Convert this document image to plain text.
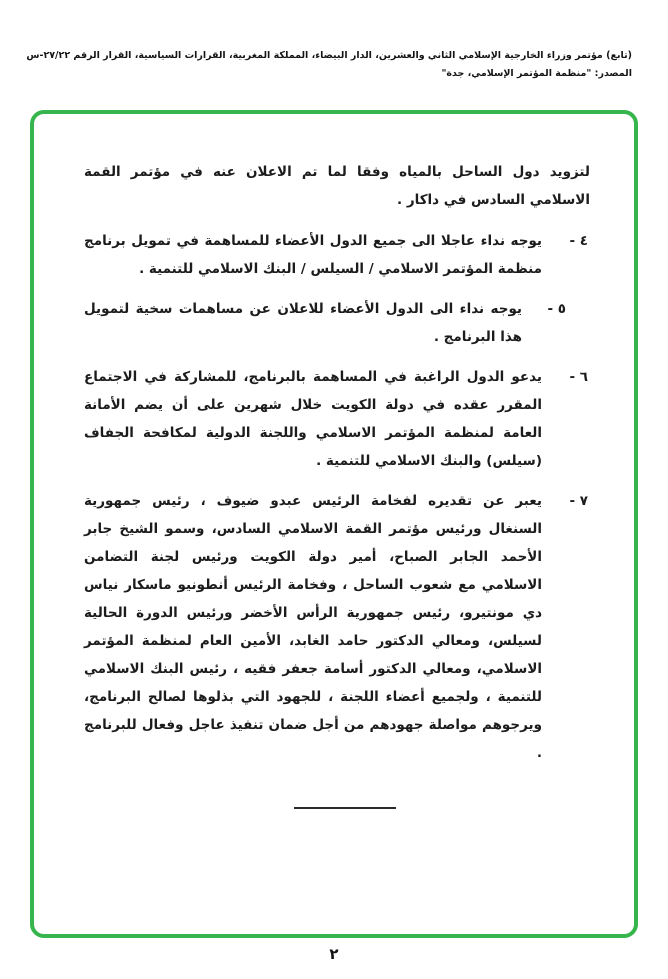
(تابع) مؤتمر وزراء الخارجية الإسلامي الثاني والعشرين، الدار البيضاء، المملكة المغربية، القرارات السياسية، القرار الرقم ٢٧/٢٢-س
المصدر: "منظمة المؤتمر الإسلامي، جدة"

لتزويد دول الساحل بالمياه وفقا لما تم الاعلان عنه في مؤتمر القمة الاسلامي السادس في داكار .

٤ -
يوجه نداء عاجلا الى جميع الدول الأعضاء للمساهمة في تمويل برنامج منظمة المؤتمر الاسلامي / السيلس / البنك الاسلامي للتنمية .
٥ -
يوجه نداء الى الدول الأعضاء للاعلان عن مساهمات سخية لتمويل هذا البرنامج .
٦ -
يدعو الدول الراغبة في المساهمة بالبرنامج، للمشاركة في الاجتماع المقرر عقده في دولة الكويت خلال شهرين على أن يضم الأمانة العامة لمنظمة المؤتمر الاسلامي واللجنة الدولية لمكافحة الجفاف (سيلس) والبنك الاسلامي للتنمية .
٧ -
يعبر عن تقديره لفخامة الرئيس عبدو ضيوف ، رئيس جمهورية السنغال ورئيس مؤتمر القمة الاسلامي السادس، وسمو الشيخ جابر الأحمد الجابر الصباح، أمير دولة الكويت ورئيس لجنة التضامن الاسلامي مع شعوب الساحل ، وفخامة الرئيس أنطونيو ماسكار نياس دي مونتيرو، رئيس جمهورية الرأس الأخضر ورئيس الدورة الحالية لسيلس، ومعالي الدكتور حامد الغابد، الأمين العام لمنظمة المؤتمر الاسلامي، ومعالي الدكتور أسامة جعفر فقيه ، رئيس البنك الاسلامي للتنمية ، ولجميع أعضاء اللجنة ، للجهود التي بذلوها لصالح البرنامج، ويرجوهم مواصلة جهودهم من أجل ضمان تنفيذ عاجل وفعال للبرنامج .
٢
